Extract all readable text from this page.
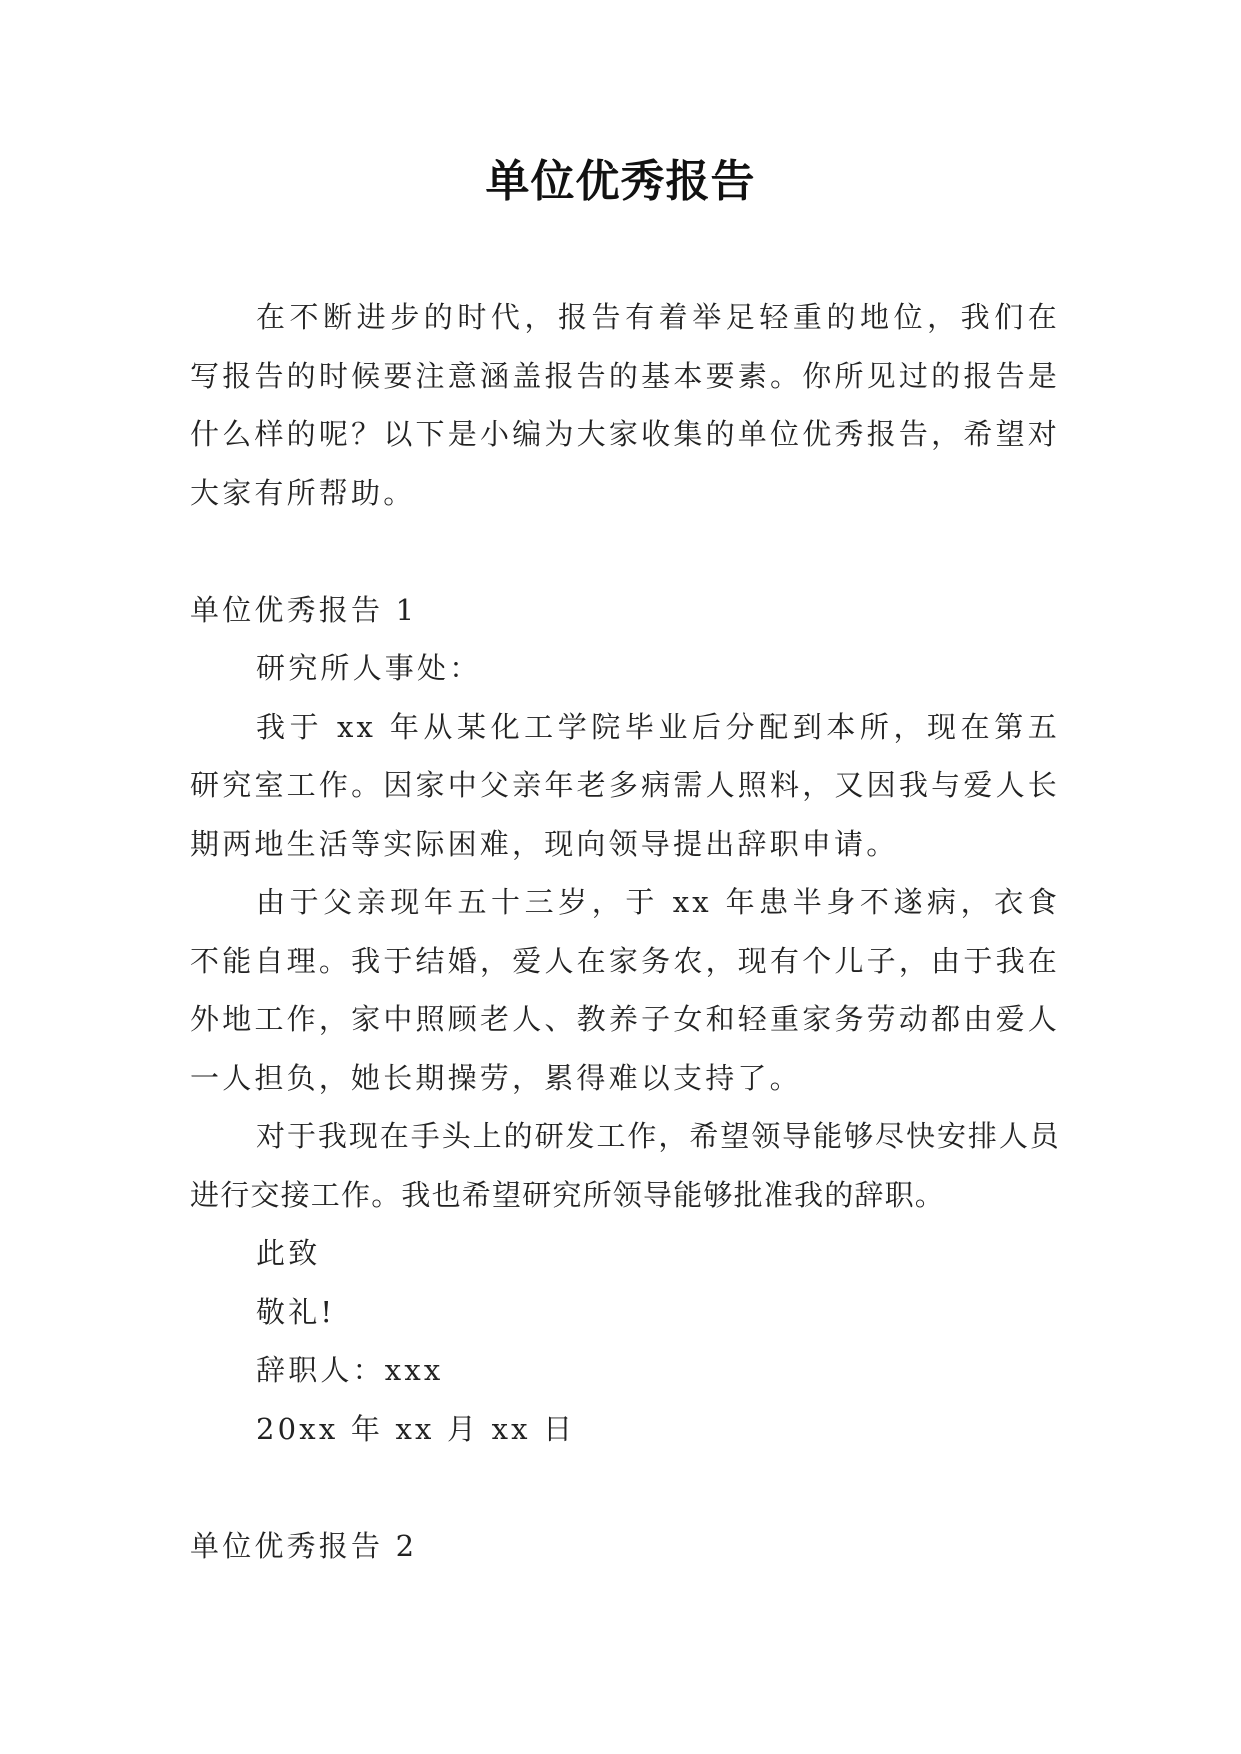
单位优秀报告

在不断进步的时代，报告有着举足轻重的地位，我们在写报告的时候要注意涵盖报告的基本要素。你所见过的报告是什么样的呢？以下是小编为大家收集的单位优秀报告，希望对大家有所帮助。

单位优秀报告 1

研究所人事处：

我于 xx 年从某化工学院毕业后分配到本所，现在第五研究室工作。因家中父亲年老多病需人照料，又因我与爱人长期两地生活等实际困难，现向领导提出辞职申请。

由于父亲现年五十三岁，于 xx 年患半身不遂病，衣食不能自理。我于结婚，爱人在家务农，现有个儿子，由于我在外地工作，家中照顾老人、教养子女和轻重家务劳动都由爱人一人担负，她长期操劳，累得难以支持了。

对于我现在手头上的研发工作，希望领导能够尽快安排人员进行交接工作。我也希望研究所领导能够批准我的辞职。

此致

敬礼!

辞职人：xxx

20xx 年 xx 月 xx 日

单位优秀报告 2
